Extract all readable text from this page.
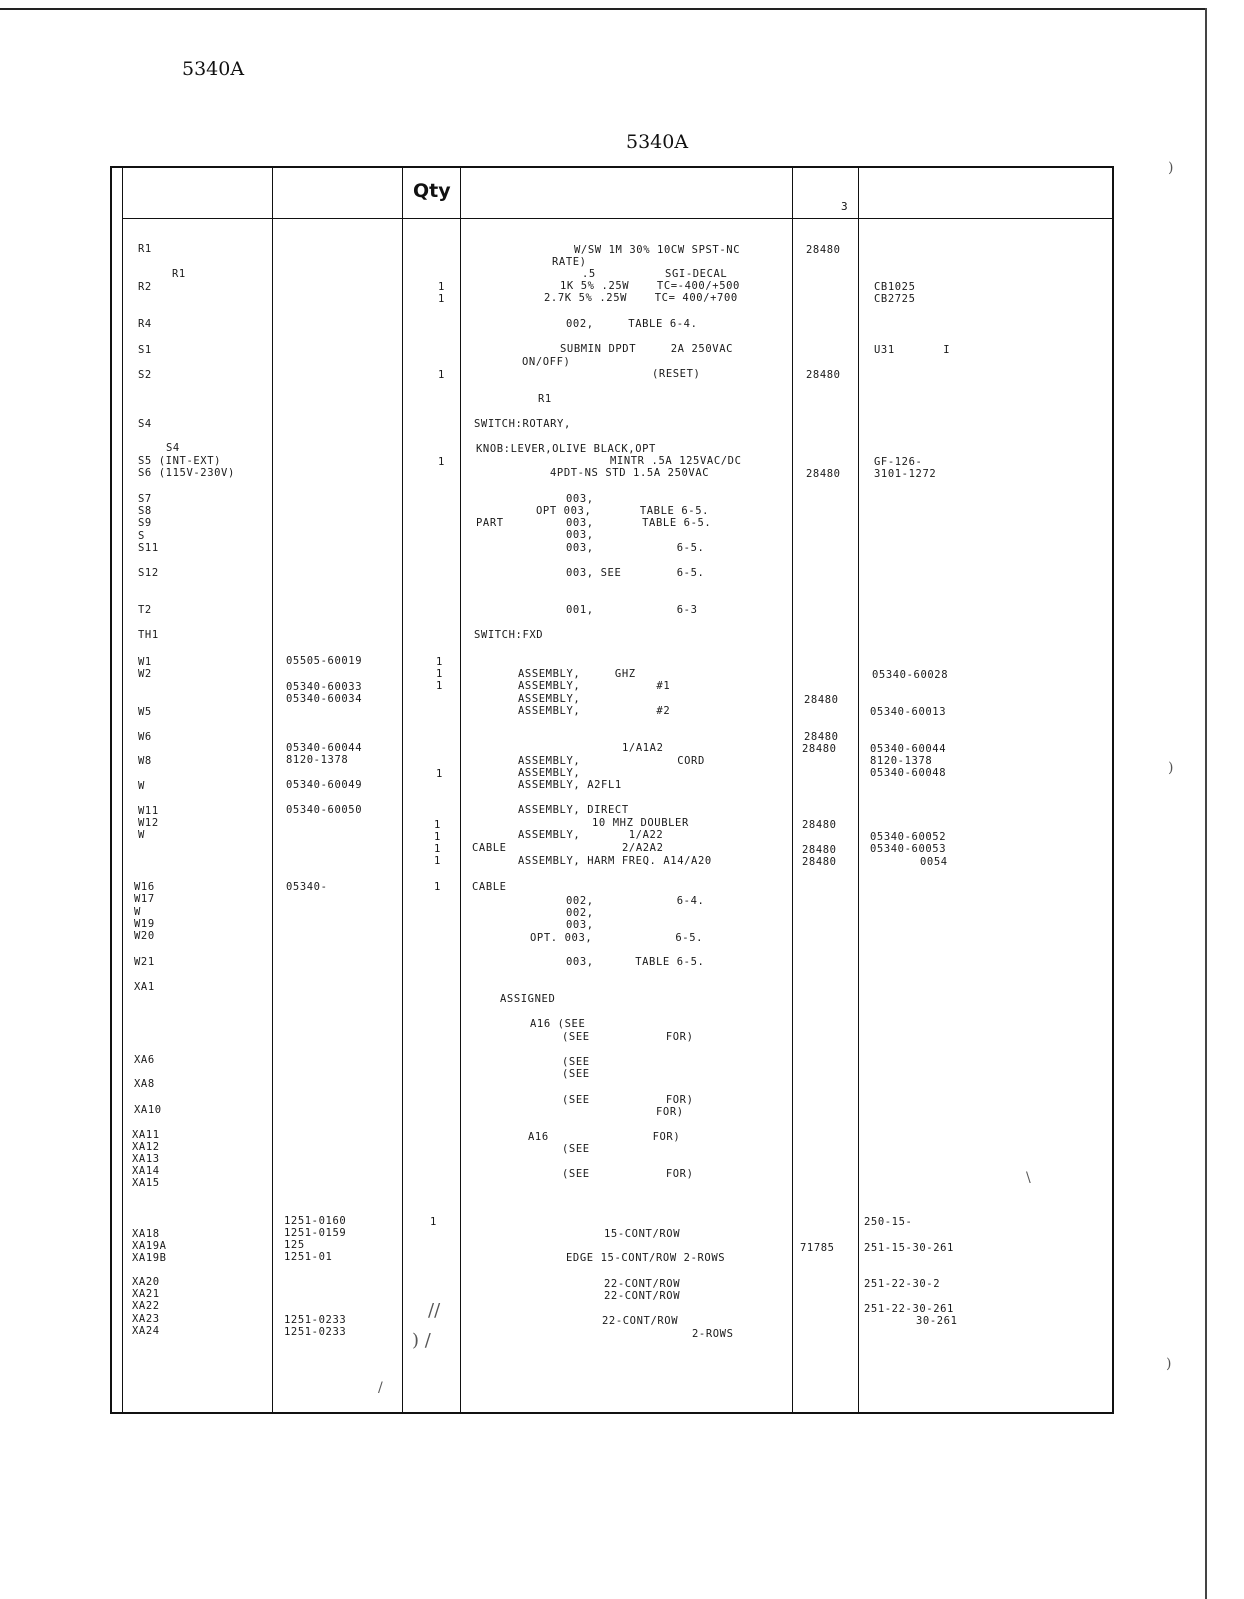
5340A
5340A
Qty
3
R1
R1
R2
R4
S1
S2
S4
S4
S5 (INT-EXT)
S6 (115V-230V)
S7
S8
S9
S
S11
S12
T2
TH1
W1
W2
W5
W6
W8
W
W11
W12
W
W16
W17
W
W19
W20
W21
XA1
XA6
XA8
XA10
XA11
XA12
XA13
XA14
XA15
XA18
XA19A
XA19B
XA20
XA21
XA22
XA23
XA24
05505-60019
05340-60033
05340-60034
05340-60044
8120-1378
05340-60049
05340-60050
05340-
1251-0160
1251-0159
125
1251-01
1251-0233
1251-0233
1
1
1
1
1
1
1
1
1
1
1
1
1
1
W/SW 1M 30% 10CW SPST-NC
RATE)
.5          SGI-DECAL
1K 5% .25W    TC=-400/+500
2.7K 5% .25W    TC= 400/+700
002,     TABLE 6-4.
SUBMIN DPDT     2A 250VAC
ON/OFF)
(RESET)
R1
SWITCH:ROTARY,
KNOB:LEVER,OLIVE BLACK,OPT
MINTR .5A 125VAC/DC
4PDT-NS STD 1.5A 250VAC
003,
OPT 003,       TABLE 6-5.
PART	003,       TABLE 6-5.
003,
003,            6-5.
003, SEE        6-5.
001,            6-3
SWITCH:FXD
ASSEMBLY,     GHZ
ASSEMBLY,           #1
ASSEMBLY,
ASSEMBLY,           #2
1/A1A2
ASSEMBLY,              CORD
ASSEMBLY,
ASSEMBLY, A2FL1
ASSEMBLY, DIRECT
10 MHZ DOUBLER
ASSEMBLY,       1/A22
CABLE	2/A2A2
ASSEMBLY, HARM FREQ. A14/A20
CABLE
002,            6-4.
002,
003,
OPT. 003,            6-5.
003,      TABLE 6-5.
ASSIGNED
A16 (SEE
(SEE           FOR)
(SEE
(SEE
(SEE           FOR)
FOR)
A16               FOR)
(SEE
(SEE           FOR)
15-CONT/ROW
EDGE 15-CONT/ROW 2-ROWS
22-CONT/ROW
22-CONT/ROW
22-CONT/ROW
2-ROWS
28480
28480
28480
28480
28480
28480
28480
28480
28480
71785
CB1025
CB2725
U31       I
GF-126-
3101-1272
05340-60028
05340-60013
05340-60044
8120-1378
05340-60048
05340-60052
05340-60053
0054
250-15-
251-15-30-261
251-22-30-2
251-22-30-261
30-261
)
)
)
\
//
) /
/
